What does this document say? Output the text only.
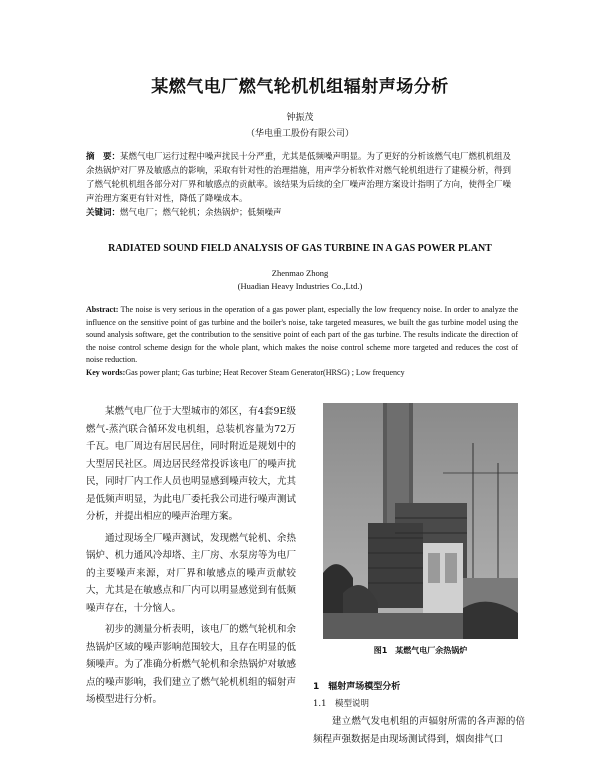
某燃气电厂燃气轮机机组辐射声场分析
钟振茂
（华电重工股份有限公司）
摘　要：某燃气电厂运行过程中噪声扰民十分严重，尤其是低频噪声明显。为了更好的分析该燃气电厂燃机机组及余热锅炉对厂界及敏感点的影响，采取有针对性的治理措施，用声学分析软件对燃气轮机组进行了建模分析，得到了燃气轮机机组各部分对厂界和敏感点的贡献率。该结果为后续的全厂噪声治理方案设计指明了方向，使得全厂噪声治理方案更有针对性，降低了降噪成本。
关键词：燃气电厂；燃气轮机；余热锅炉；低频噪声
RADIATED SOUND FIELD ANALYSIS OF GAS TURBINE IN A GAS POWER PLANT
Zhenmao Zhong
(Huadian Heavy Industries Co.,Ltd.)
Abstract: The noise is very serious in the operation of a gas power plant, especially the low frequency noise. In order to analyze the influence on the sensitive point of gas turbine and the boiler's noise, take targeted measures, we built the gas turbine model using the sound analysis software, get the contribution to the sensitive point of each part of the gas turbine. The results indicate the direction of the noise control scheme design for the whole plant, which makes the noise control scheme more targeted and reduces the cost of noise reduction.
Key words:Gas power plant; Gas turbine; Heat Recover Steam Generator(HRSG) ; Low frequency

某燃气电厂位于大型城市的郊区，有4套9E级燃气-蒸汽联合循环发电机组，总装机容量为72万千瓦。电厂周边有居民居住，同时附近是规划中的大型居民社区。周边居民经常投诉该电厂的噪声扰民，同时厂内工作人员也明显感到噪声较大，尤其是低频声明显，为此电厂委托我公司进行噪声测试分析，并提出相应的噪声治理方案。

通过现场全厂噪声测试，发现燃气轮机、余热锅炉、机力通风冷却塔、主厂房、水泵房等为电厂的主要噪声来源，对厂界和敏感点的噪声贡献较大，尤其是在敏感点和厂内可以明显感觉到有低频噪声存在，十分恼人。

初步的测量分析表明，该电厂的燃气轮机和余热锅炉区域的噪声影响范围较大，且存在明显的低频噪声。为了准确分析燃气轮机和余热锅炉对敏感点的噪声影响，我们建立了燃气轮机机组的辐射声场模型进行分析。

图1　某燃气电厂余热锅炉
1　辐射声场模型分析
1.1　模型说明

建立燃气发电机组的声辐射所需的各声源的倍频程声强数据是由现场测试得到，烟囱排气口
